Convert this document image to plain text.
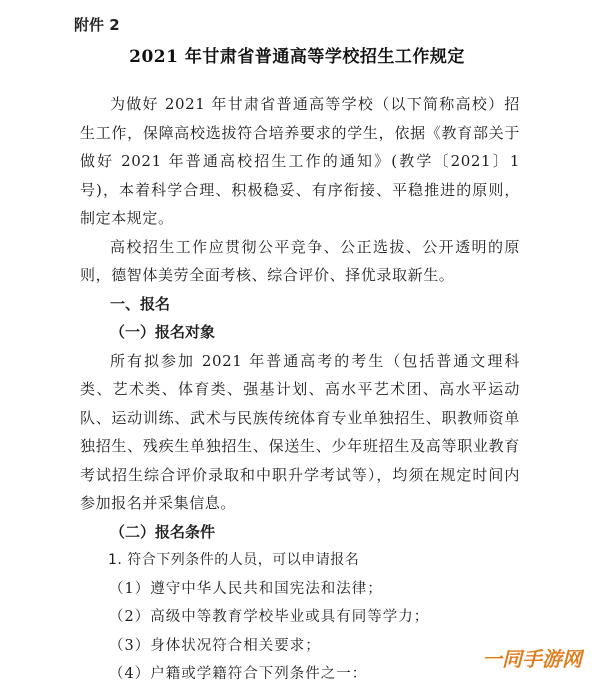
附件 2
2021 年甘肃省普通高等学校招生工作规定

为做好 2021 年甘肃省普通高等学校（以下简称高校）招生工作，保障高校选拔符合培养要求的学生，依据《教育部关于做好 2021 年普通高校招生工作的通知》(教学〔2021〕1 号)，本着科学合理、积极稳妥、有序衔接、平稳推进的原则，制定本规定。

高校招生工作应贯彻公平竞争、公正选拔、公开透明的原则，德智体美劳全面考核、综合评价、择优录取新生。

一、报名

（一）报名对象

所有拟参加 2021 年普通高考的考生（包括普通文理科类、艺术类、体育类、强基计划、高水平艺术团、高水平运动队、运动训练、武术与民族传统体育专业单独招生、职教师资单独招生、残疾生单独招生、保送生、少年班招生及高等职业教育考试招生综合评价录取和中职升学考试等），均须在规定时间内参加报名并采集信息。

（二）报名条件

1. 符合下列条件的人员，可以申请报名

（1）遵守中华人民共和国宪法和法律；

（2）高级中等教育学校毕业或具有同等学力；

（3）身体状况符合相关要求；

（4）户籍或学籍符合下列条件之一：

一同手游网
